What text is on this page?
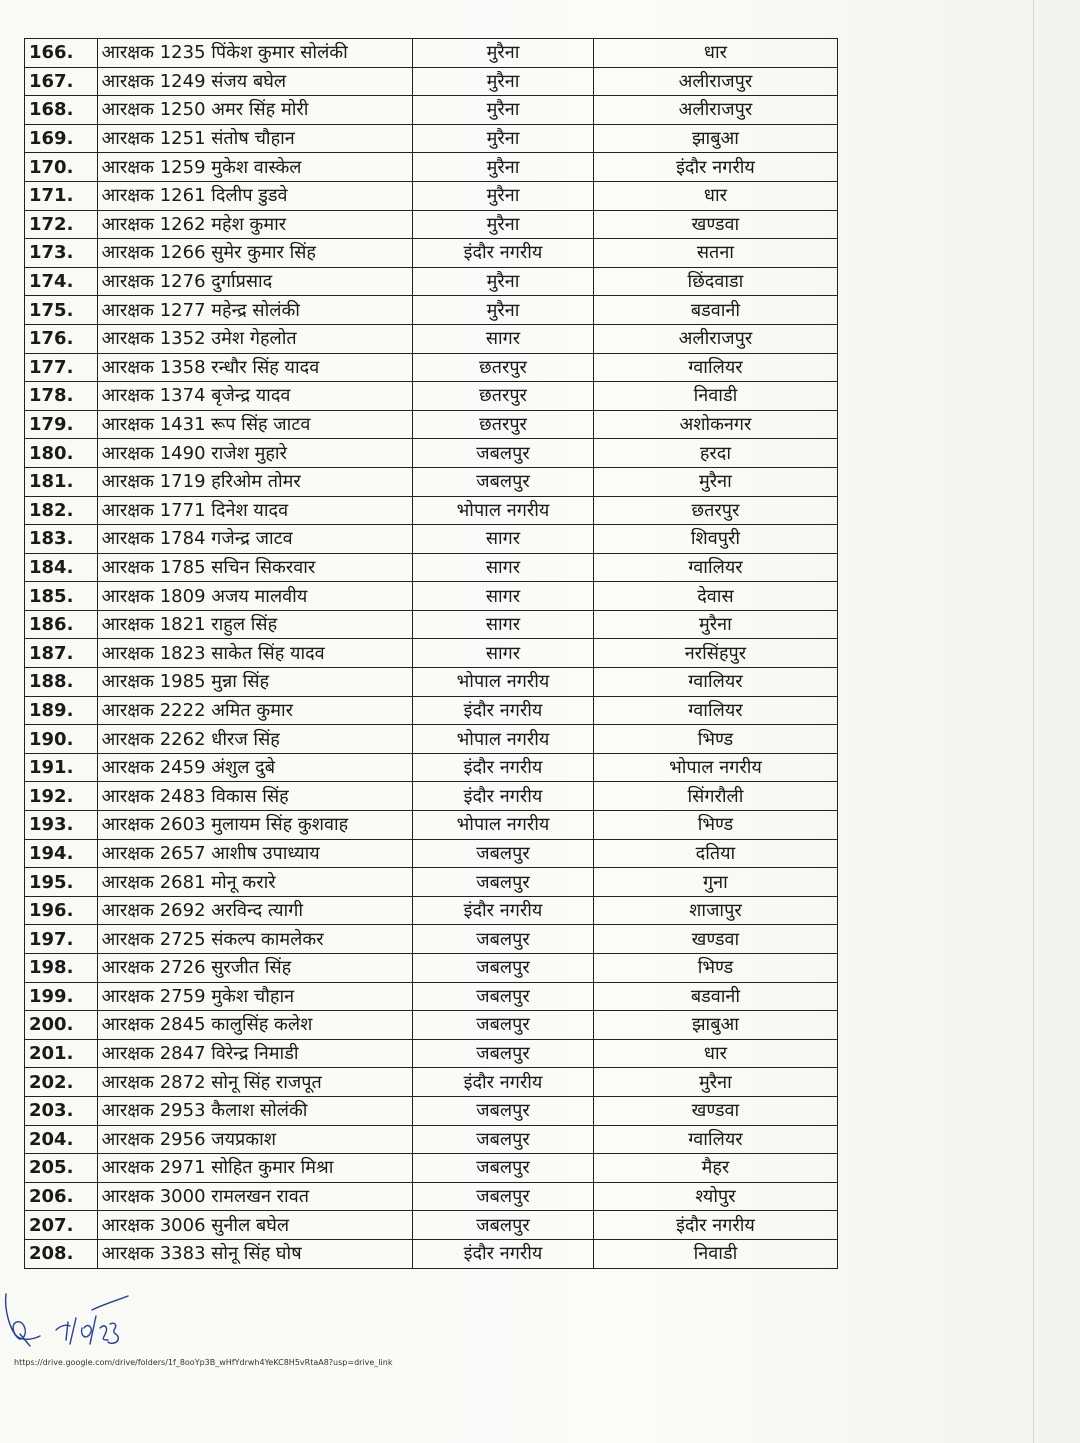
166.	आरक्षक 1235 पिंकेश कुमार सोलंकी	मुरैना	धार
167.	आरक्षक 1249 संजय बघेल	मुरैना	अलीराजपुर
168.	आरक्षक 1250 अमर सिंह मोरी	मुरैना	अलीराजपुर
169.	आरक्षक 1251 संतोष चौहान	मुरैना	झाबुआ
170.	आरक्षक 1259 मुकेश वास्केल	मुरैना	इंदौर नगरीय
171.	आरक्षक 1261 दिलीप डुडवे	मुरैना	धार
172.	आरक्षक 1262 महेश कुमार	मुरैना	खण्डवा
173.	आरक्षक 1266 सुमेर कुमार सिंह	इंदौर नगरीय	सतना
174.	आरक्षक 1276 दुर्गाप्रसाद	मुरैना	छिंदवाडा
175.	आरक्षक 1277 महेन्द्र सोलंकी	मुरैना	बडवानी
176.	आरक्षक 1352 उमेश गेहलोत	सागर	अलीराजपुर
177.	आरक्षक 1358 रन्धौर सिंह यादव	छतरपुर	ग्वालियर
178.	आरक्षक 1374 बृजेन्द्र यादव	छतरपुर	निवाडी
179.	आरक्षक 1431 रूप सिंह जाटव	छतरपुर	अशोकनगर
180.	आरक्षक 1490 राजेश मुहारे	जबलपुर	हरदा
181.	आरक्षक 1719 हरिओम तोमर	जबलपुर	मुरैना
182.	आरक्षक 1771 दिनेश यादव	भोपाल नगरीय	छतरपुर
183.	आरक्षक 1784 गजेन्द्र जाटव	सागर	शिवपुरी
184.	आरक्षक 1785 सचिन सिकरवार	सागर	ग्वालियर
185.	आरक्षक 1809 अजय मालवीय	सागर	देवास
186.	आरक्षक 1821 राहुल सिंह	सागर	मुरैना
187.	आरक्षक 1823 साकेत सिंह यादव	सागर	नरसिंहपुर
188.	आरक्षक 1985 मुन्ना सिंह	भोपाल नगरीय	ग्वालियर
189.	आरक्षक 2222 अमित कुमार	इंदौर नगरीय	ग्वालियर
190.	आरक्षक 2262 धीरज सिंह	भोपाल नगरीय	भिण्ड
191.	आरक्षक 2459 अंशुल दुबे	इंदौर नगरीय	भोपाल नगरीय
192.	आरक्षक 2483 विकास सिंह	इंदौर नगरीय	सिंगरौली
193.	आरक्षक 2603 मुलायम सिंह कुशवाह	भोपाल नगरीय	भिण्ड
194.	आरक्षक 2657 आशीष उपाध्याय	जबलपुर	दतिया
195.	आरक्षक 2681 मोनू करारे	जबलपुर	गुना
196.	आरक्षक 2692 अरविन्द त्यागी	इंदौर नगरीय	शाजापुर
197.	आरक्षक 2725 संकल्प कामलेकर	जबलपुर	खण्डवा
198.	आरक्षक 2726 सुरजीत सिंह	जबलपुर	भिण्ड
199.	आरक्षक 2759 मुकेश चौहान	जबलपुर	बडवानी
200.	आरक्षक 2845 कालुसिंह कलेश	जबलपुर	झाबुआ
201.	आरक्षक 2847 विरेन्द्र निमाडी	जबलपुर	धार
202.	आरक्षक 2872 सोनू सिंह राजपूत	इंदौर नगरीय	मुरैना
203.	आरक्षक 2953 कैलाश सोलंकी	जबलपुर	खण्डवा
204.	आरक्षक 2956 जयप्रकाश	जबलपुर	ग्वालियर
205.	आरक्षक 2971 सोहित कुमार मिश्रा	जबलपुर	मैहर
206.	आरक्षक 3000 रामलखन रावत	जबलपुर	श्योपुर
207.	आरक्षक 3006 सुनील बघेल	जबलपुर	इंदौर नगरीय
208.	आरक्षक 3383 सोनू सिंह घोष	इंदौर नगरीय	निवाडी
https://drive.google.com/drive/folders/1f_8ooYp3B_wHfYdrwh4YeKC8H5vRtaA8?usp=drive_link
